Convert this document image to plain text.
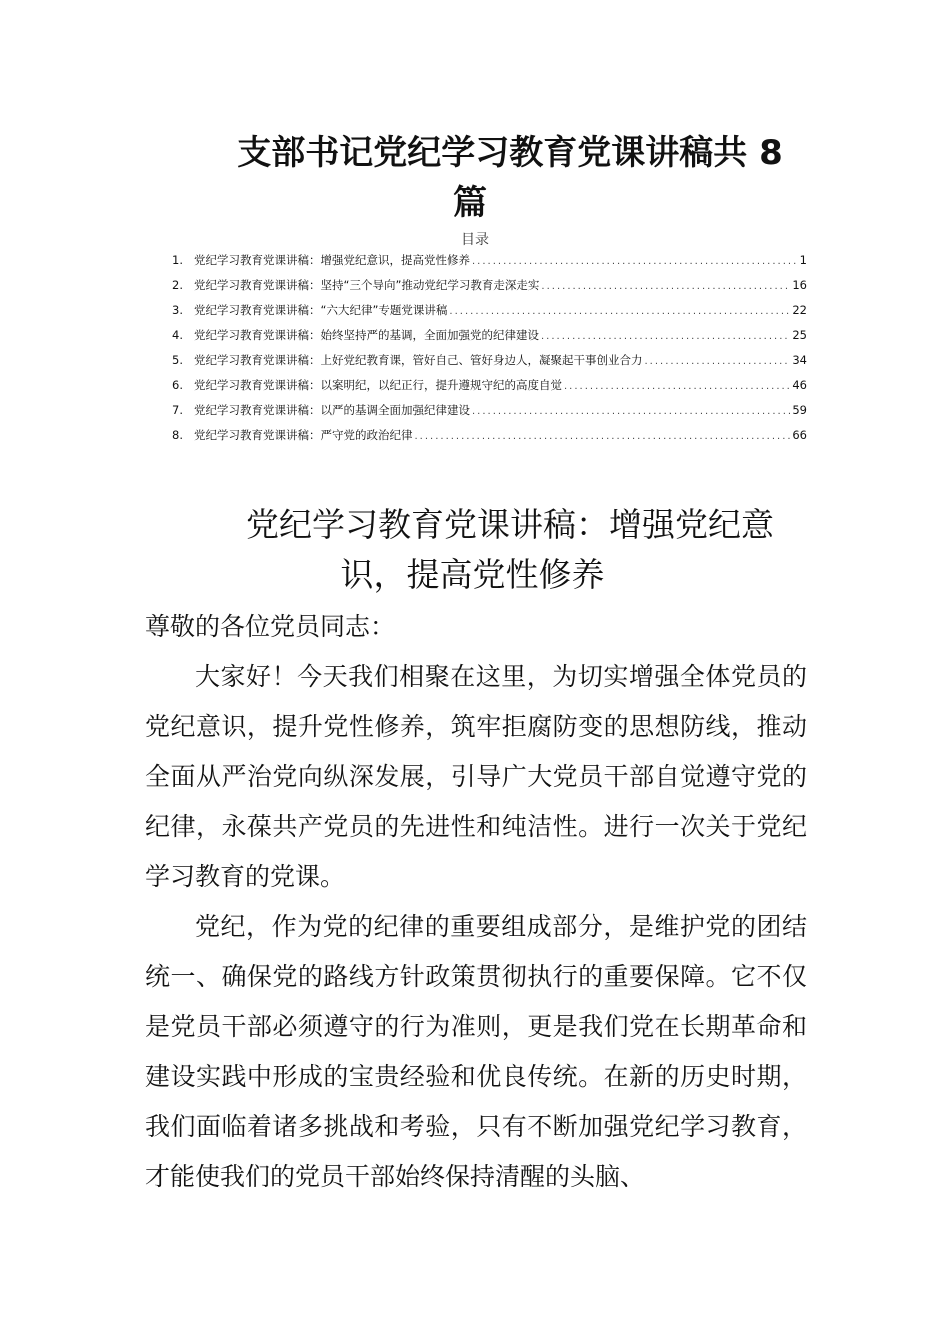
支部书记党纪学习教育党课讲稿共 8
篇
目录
1. 党纪学习教育党课讲稿：增强党纪意识，提高党性修养 .....	1
2. 党纪学习教育党课讲稿：坚持“三个导向”推动党纪学习教育走深走实 .....	16
3. 党纪学习教育党课讲稿：“六大纪律”专题党课讲稿 .....	22
4. 党纪学习教育党课讲稿：始终坚持严的基调，全面加强党的纪律建设 .....	25
5. 党纪学习教育党课讲稿：上好党纪教育课，管好自己、管好身边人，凝聚起干事创业合力 .....	34
6. 党纪学习教育党课讲稿：以案明纪，以纪正行，提升遵规守纪的高度自觉 .....	46
7. 党纪学习教育党课讲稿：以严的基调全面加强纪律建设 .....	59
8. 党纪学习教育党课讲稿：严守党的政治纪律 .....	66
党纪学习教育党课讲稿：增强党纪意
识，提高党性修养

尊敬的各位党员同志：

大家好！今天我们相聚在这里，为切实增强全体党员的党纪意识，提升党性修养，筑牢拒腐防变的思想防线，推动全面从严治党向纵深发展，引导广大党员干部自觉遵守党的纪律，永葆共产党员的先进性和纯洁性。进行一次关于党纪学习教育的党课。

党纪，作为党的纪律的重要组成部分，是维护党的团结统一、确保党的路线方针政策贯彻执行的重要保障。它不仅是党员干部必须遵守的行为准则，更是我们党在长期革命和建设实践中形成的宝贵经验和优良传统。在新的历史时期，我们面临着诸多挑战和考验，只有不断加强党纪学习教育，才能使我们的党员干部始终保持清醒的头脑、
